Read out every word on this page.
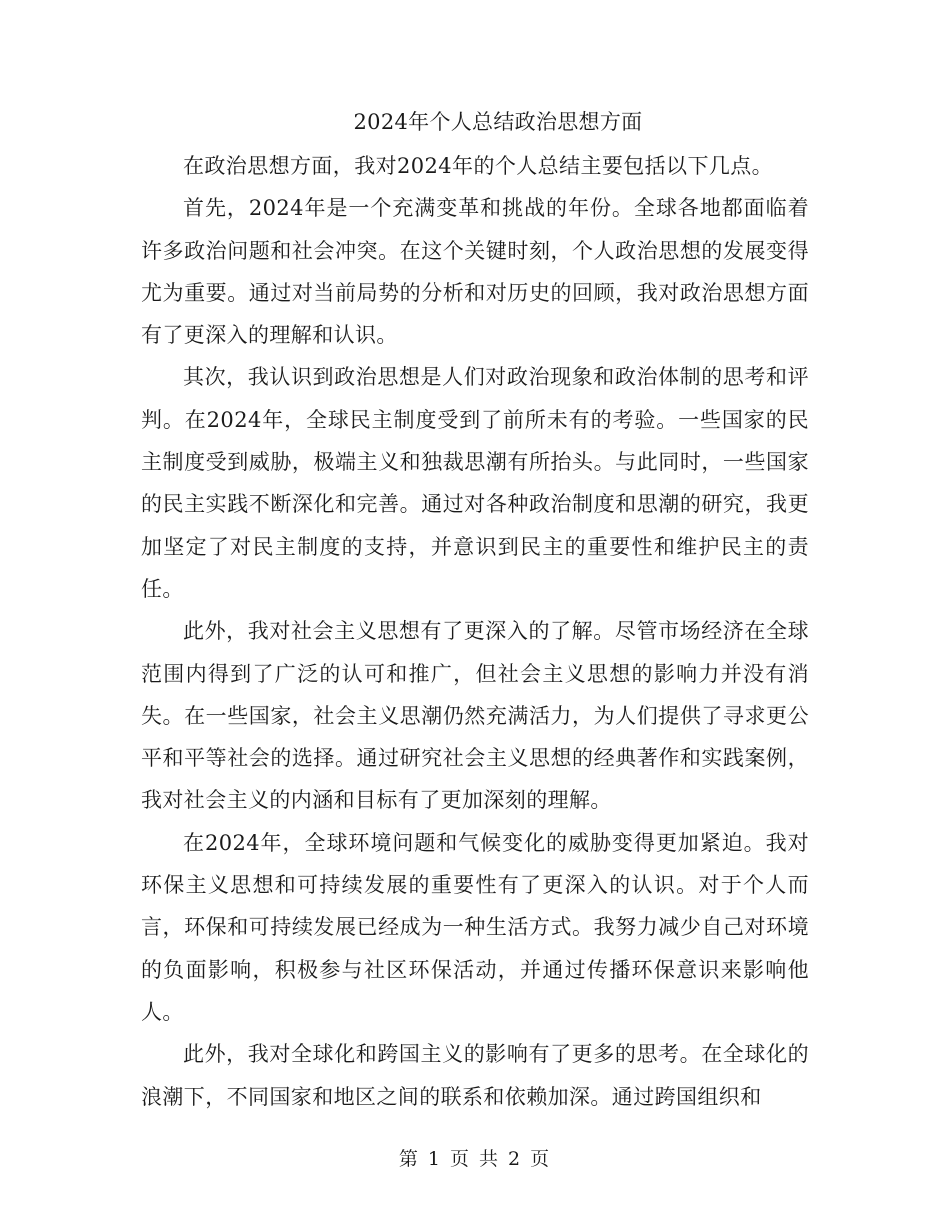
2024年个人总结政治思想方面

在政治思想方面，我对2024年的个人总结主要包括以下几点。

首先，2024年是一个充满变革和挑战的年份。全球各地都面临着许多政治问题和社会冲突。在这个关键时刻，个人政治思想的发展变得尤为重要。通过对当前局势的分析和对历史的回顾，我对政治思想方面有了更深入的理解和认识。

其次，我认识到政治思想是人们对政治现象和政治体制的思考和评判。在2024年，全球民主制度受到了前所未有的考验。一些国家的民主制度受到威胁，极端主义和独裁思潮有所抬头。与此同时，一些国家的民主实践不断深化和完善。通过对各种政治制度和思潮的研究，我更加坚定了对民主制度的支持，并意识到民主的重要性和维护民主的责任。

此外，我对社会主义思想有了更深入的了解。尽管市场经济在全球范围内得到了广泛的认可和推广，但社会主义思想的影响力并没有消失。在一些国家，社会主义思潮仍然充满活力，为人们提供了寻求更公平和平等社会的选择。通过研究社会主义思想的经典著作和实践案例，我对社会主义的内涵和目标有了更加深刻的理解。

在2024年，全球环境问题和气候变化的威胁变得更加紧迫。我对环保主义思想和可持续发展的重要性有了更深入的认识。对于个人而言，环保和可持续发展已经成为一种生活方式。我努力减少自己对环境的负面影响，积极参与社区环保活动，并通过传播环保意识来影响他人。

此外，我对全球化和跨国主义的影响有了更多的思考。在全球化的浪潮下，不同国家和地区之间的联系和依赖加深。通过跨国组织和

第 1 页 共 2 页
